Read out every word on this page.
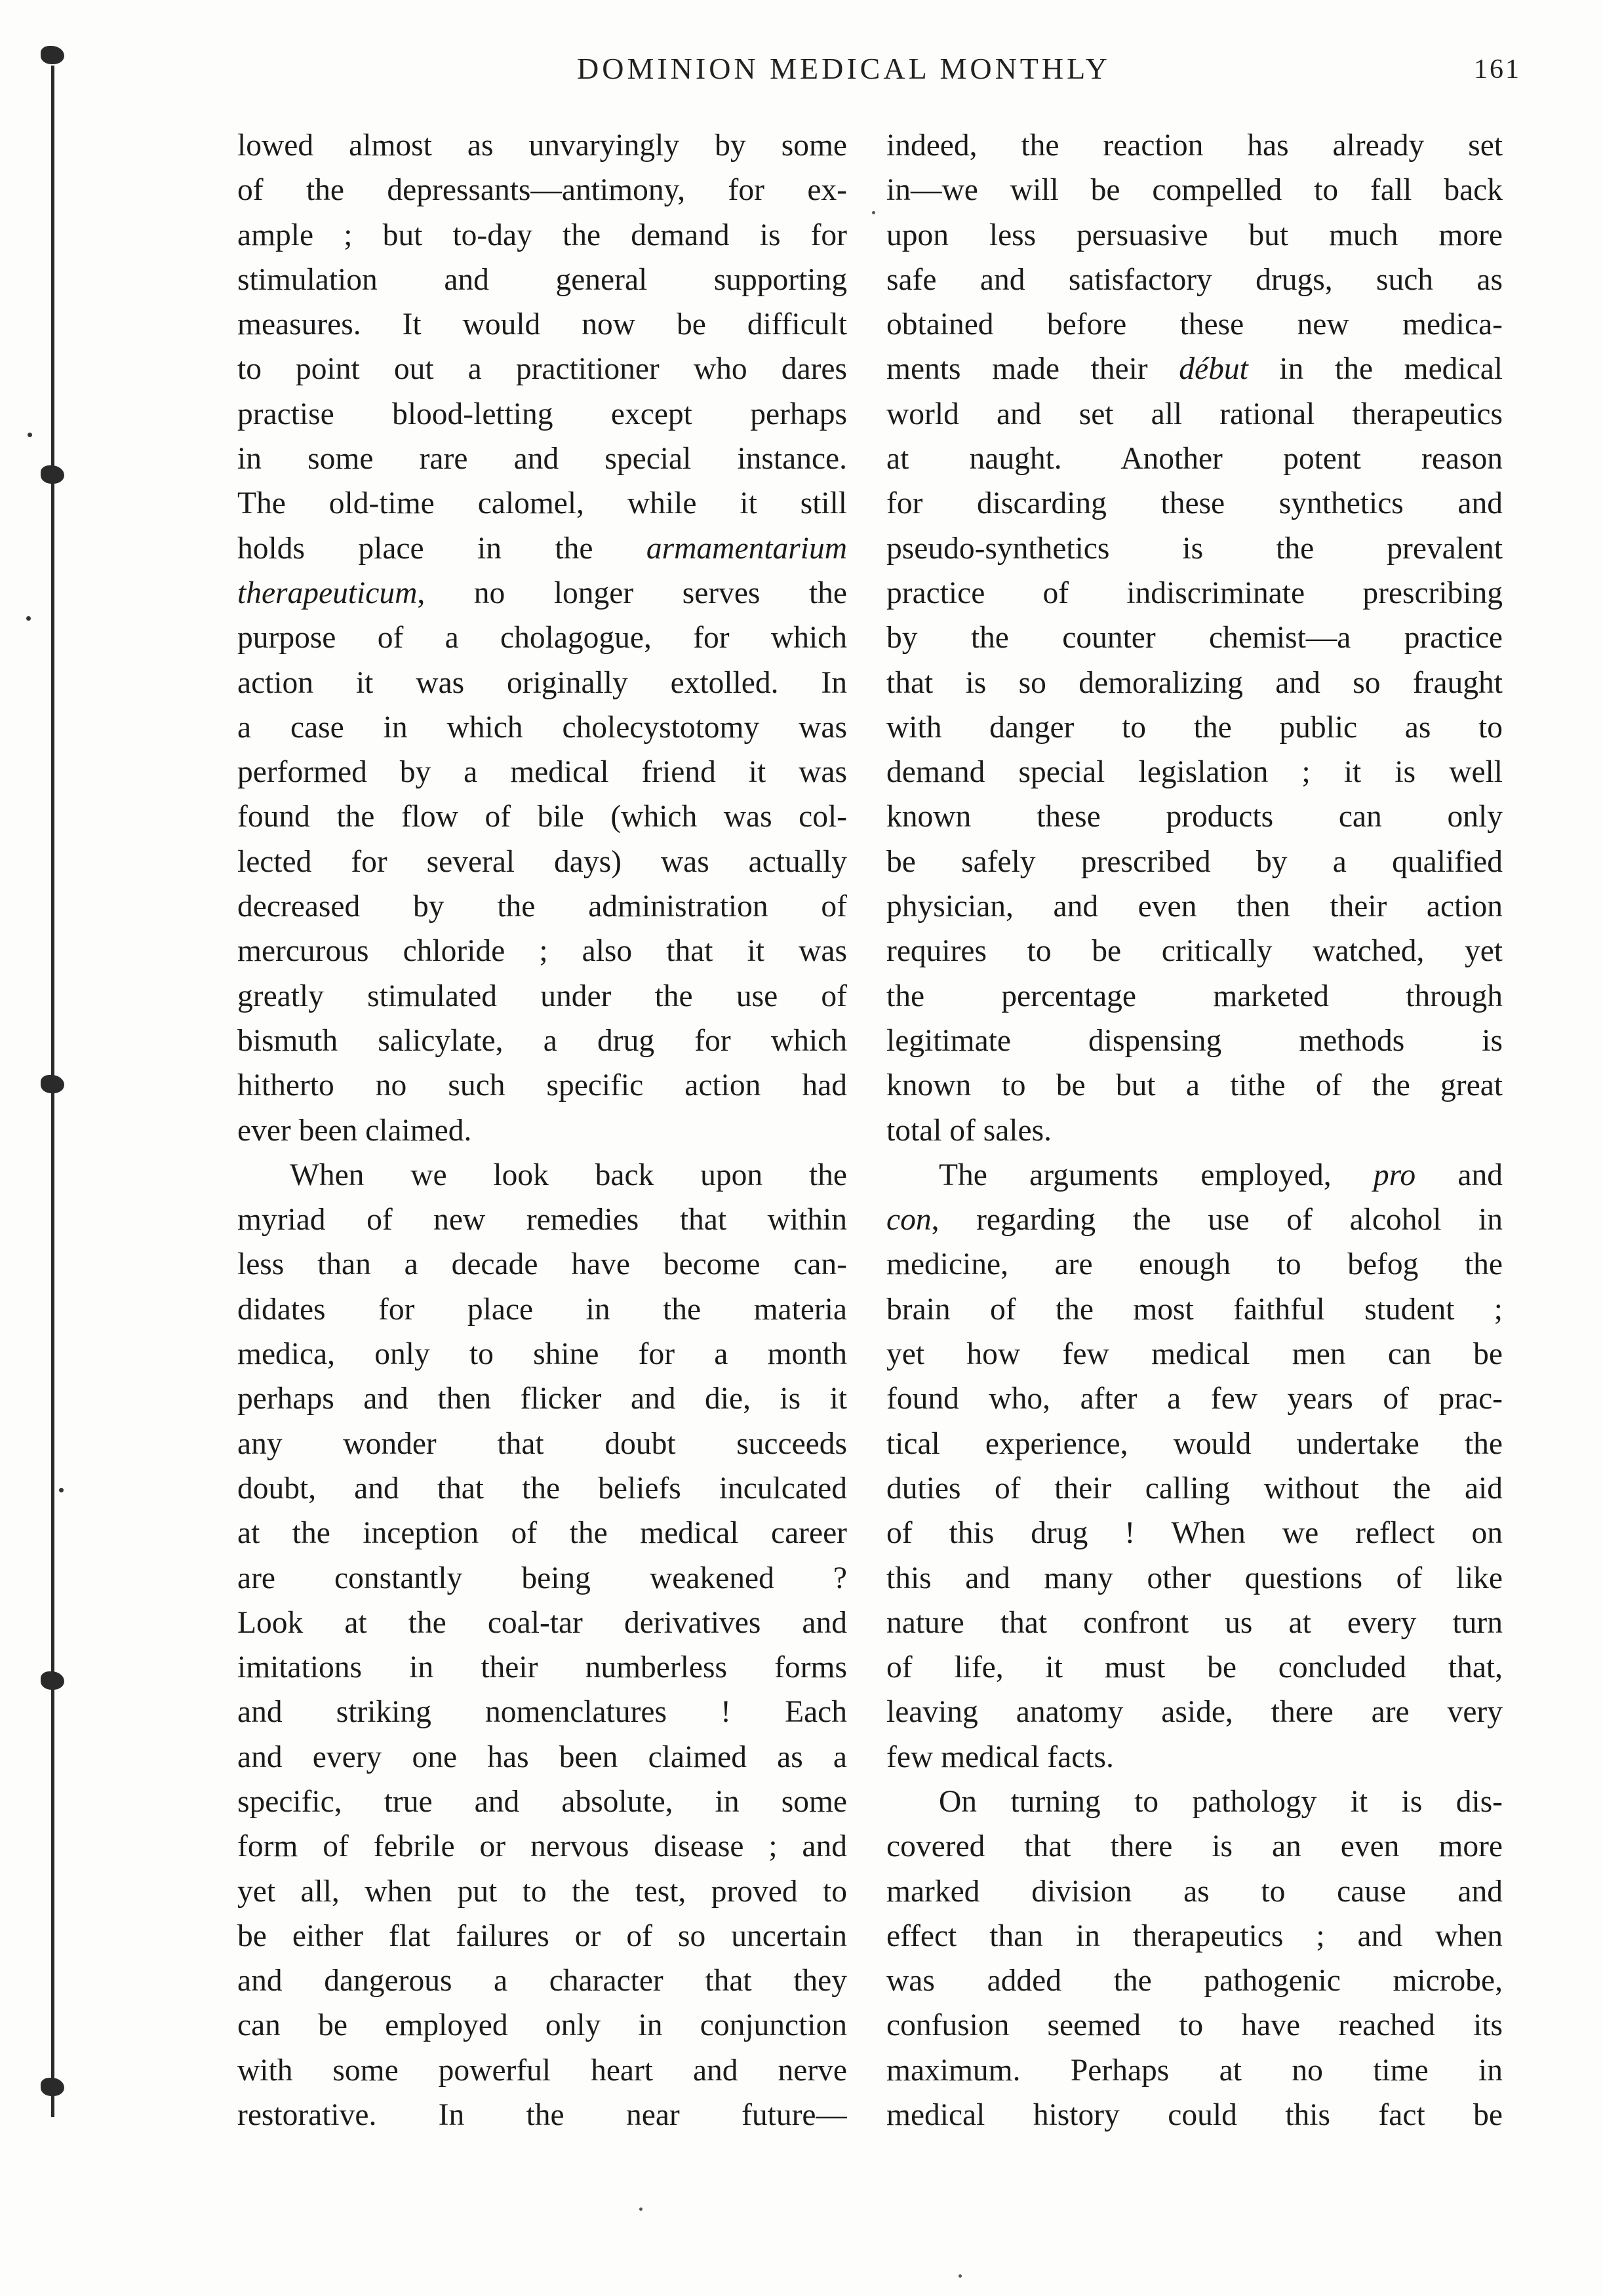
DOMINION MEDICAL MONTHLY	161
lowed almost as unvaryingly by some
of the depressants—antimony, for ex-
ample ; but to-day the demand is for
stimulation and general supporting
measures. It would now be difficult
to point out a practitioner who dares
practise blood-letting except perhaps
in some rare and special instance.
The old-time calomel, while it still
holds place in the armamentarium
therapeuticum, no longer serves the
purpose of a cholagogue, for which
action it was originally extolled. In
a case in which cholecystotomy was
performed by a medical friend it was
found the flow of bile (which was col-
lected for several days) was actually
decreased by the administration of
mercurous chloride ; also that it was
greatly stimulated under the use of
bismuth salicylate, a drug for which
hitherto no such specific action had
ever been claimed.
When we look back upon the
myriad of new remedies that within
less than a decade have become can-
didates for place in the materia
medica, only to shine for a month
perhaps and then flicker and die, is it
any wonder that doubt succeeds
doubt, and that the beliefs inculcated
at the inception of the medical career
are constantly being weakened ?
Look at the coal-tar derivatives and
imitations in their numberless forms
and striking nomenclatures ! Each
and every one has been claimed as a
specific, true and absolute, in some
form of febrile or nervous disease ; and
yet all, when put to the test, proved to
be either flat failures or of so uncertain
and dangerous a character that they
can be employed only in conjunction
with some powerful heart and nerve
restorative. In the near future—
indeed, the reaction has already set
in—we will be compelled to fall back
upon less persuasive but much more
safe and satisfactory drugs, such as
obtained before these new medica-
ments made their début in the medical
world and set all rational therapeutics
at naught. Another potent reason
for discarding these synthetics and
pseudo-synthetics is the prevalent
practice of indiscriminate prescribing
by the counter chemist—a practice
that is so demoralizing and so fraught
with danger to the public as to
demand special legislation ; it is well
known these products can only
be safely prescribed by a qualified
physician, and even then their action
requires to be critically watched, yet
the percentage marketed through
legitimate dispensing methods is
known to be but a tithe of the great
total of sales.
The arguments employed, pro and
con, regarding the use of alcohol in
medicine, are enough to befog the
brain of the most faithful student ;
yet how few medical men can be
found who, after a few years of prac-
tical experience, would undertake the
duties of their calling without the aid
of this drug ! When we reflect on
this and many other questions of like
nature that confront us at every turn
of life, it must be concluded that,
leaving anatomy aside, there are very
few medical facts.
On turning to pathology it is dis-
covered that there is an even more
marked division as to cause and
effect than in therapeutics ; and when
was added the pathogenic microbe,
confusion seemed to have reached its
maximum. Perhaps at no time in
medical history could this fact be
